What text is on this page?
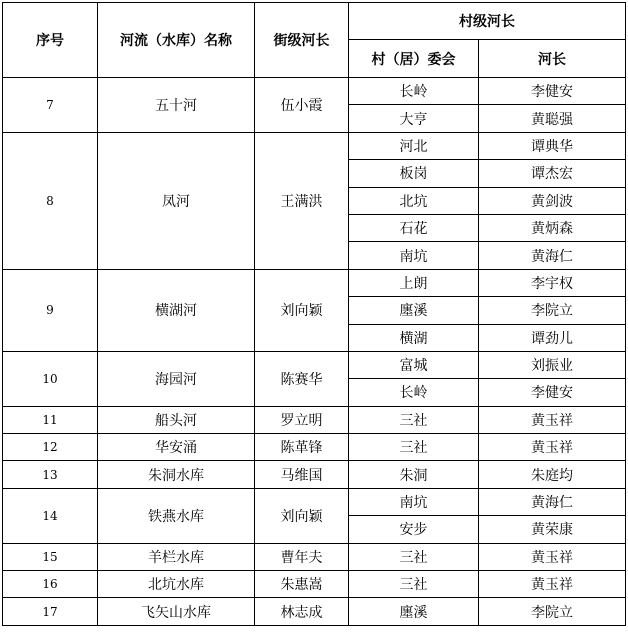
序号	河流（水库）名称	街级河长	村级河长	
			村（居）委会	河长
7	五十河	伍小霞	长岭	李健安
			大亨	黄聪强
8	凤河	王满洪	河北	谭典华
			板岗	谭杰宏
			北坑	黄剑波
			石花	黄炳森
			南坑	黄海仁
9	横湖河	刘向颖	上朗	李宇权
			廛溪	李院立
			横湖	谭劲儿
10	海园河	陈赛华	富城	刘振业
			长岭	李健安
11	船头河	罗立明	三社	黄玉祥
12	华安涌	陈革锋	三社	黄玉祥
13	朱洞水库	马维国	朱洞	朱庭均
14	铁燕水库	刘向颖	南坑	黄海仁
			安步	黄荣康
15	羊栏水库	曹年夫	三社	黄玉祥
16	北坑水库	朱惠嵩	三社	黄玉祥
17	飞矢山水库	林志成	廛溪	李院立
